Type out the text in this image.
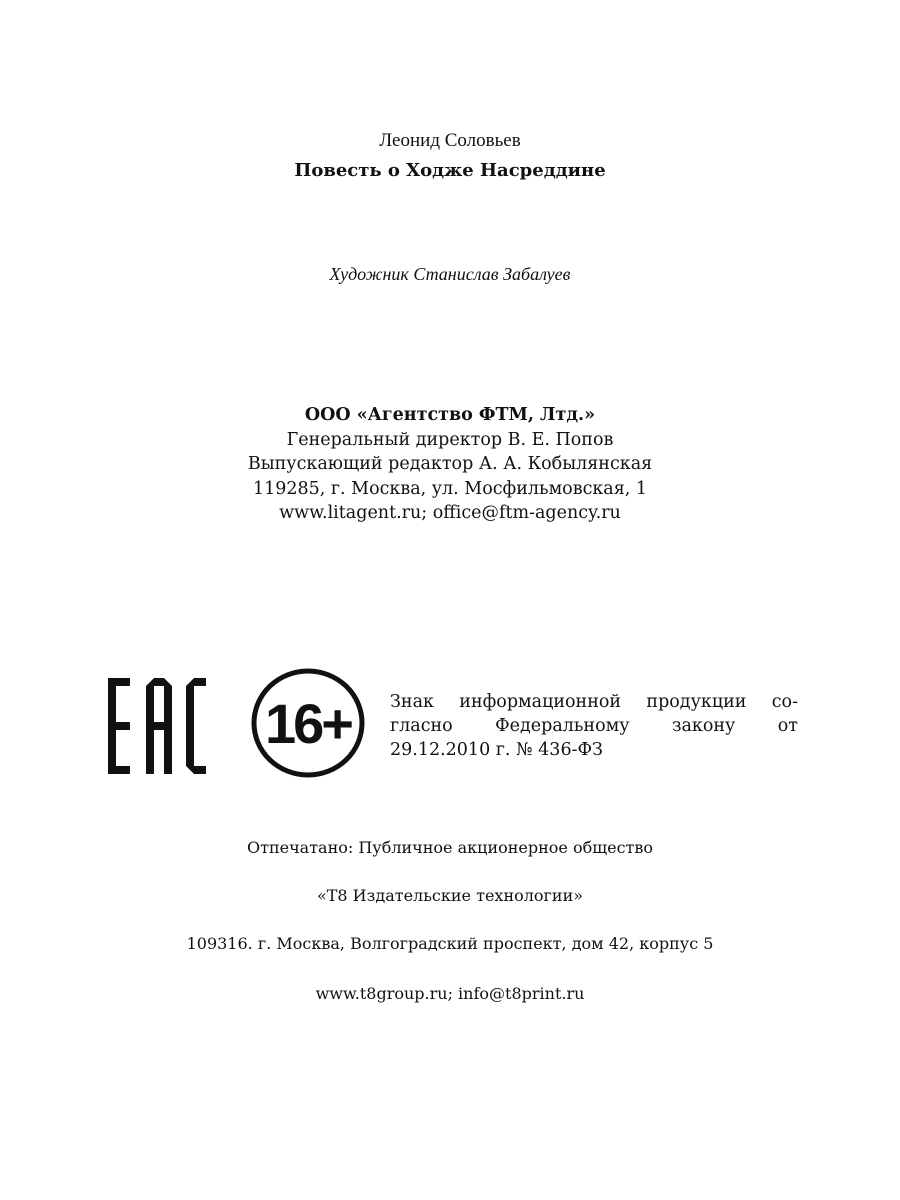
Леонид Соловьев
Повесть о Ходже Насреддине
Художник Станислав Забалуев
ООО «Агентство ФТМ, Лтд.»
Генеральный директор В. Е. Попов
Выпускающий редактор А. А. Кобылянская
119285, г. Москва, ул. Мосфильмовская, 1
www.litagent.ru; office@ftm-agency.ru
16+	Знак информационной продукции со-
гласно Федеральному закону от
29.12.2010 г. № 436-ФЗ
Отпечатано: Публичное акционерное общество
«Т8 Издательские технологии»
109316. г. Москва, Волгоградский проспект, дом 42, корпус 5
www.t8group.ru; info@t8print.ru
